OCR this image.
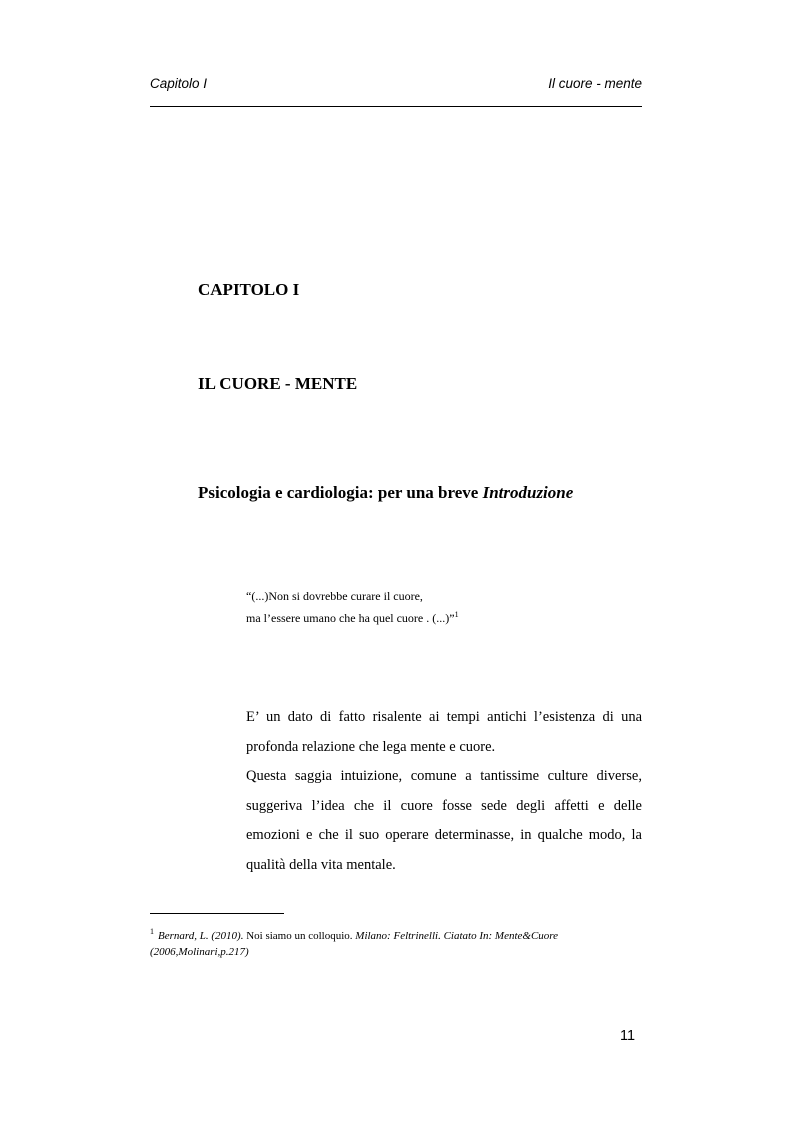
Capitolo I	Il cuore - mente
CAPITOLO I
IL CUORE - MENTE
Psicologia e cardiologia: per una breve Introduzione
“(...)Non si dovrebbe curare il cuore,
ma l’essere umano che ha quel cuore . (...)”$^1$

E’ un dato di fatto risalente ai tempi antichi l’esistenza di una profonda relazione che lega mente e cuore.

Questa saggia intuizione, comune a tantissime culture diverse, suggeriva l’idea che il cuore fosse sede degli affetti e delle emozioni e che il suo operare determinasse, in qualche modo, la qualità della vita mentale.

$^1$ Bernard, L. (2010). Noi siamo un colloquio. Milano: Feltrinelli. Ciatato In: Mente&Cuore
(2006,Molinari,p.217)
11
